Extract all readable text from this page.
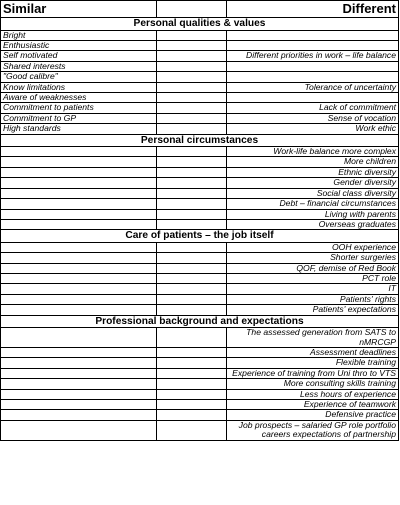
Similar		Different
Personal qualities & values		
Bright		
Enthusiastic		
Self motivated		Different priorities in work – life balance
Shared interests		
"Good calibre"		
Know limitations		Tolerance of uncertainty
Aware of weaknesses		
Commitment to patients		Lack of commitment
Commitment to GP		Sense of vocation
High standards		Work ethic
Personal circumstances		
		Work-life balance more complex
		More children
		Ethnic diversity
		Gender diversity
		Social class diversity
		Debt – financial circumstances
		Living with parents
		Overseas graduates
Care of patients – the job itself		
		OOH experience
		Shorter surgeries
		QOF, demise of Red Book
		PCT role
		IT
		Patients' rights
		Patients' expectations
Professional background and expectations		
		The assessed generation from SATS to nMRCGP
		Assessment deadlines
		Flexible training
		Experience of training from Uni thro to VTS
		More consulting skills training
		Less hours of experience
		Experience of teamwork
		Defensive practice
		Job prospects – salaried GP role portfolio careers expectations of partnership
